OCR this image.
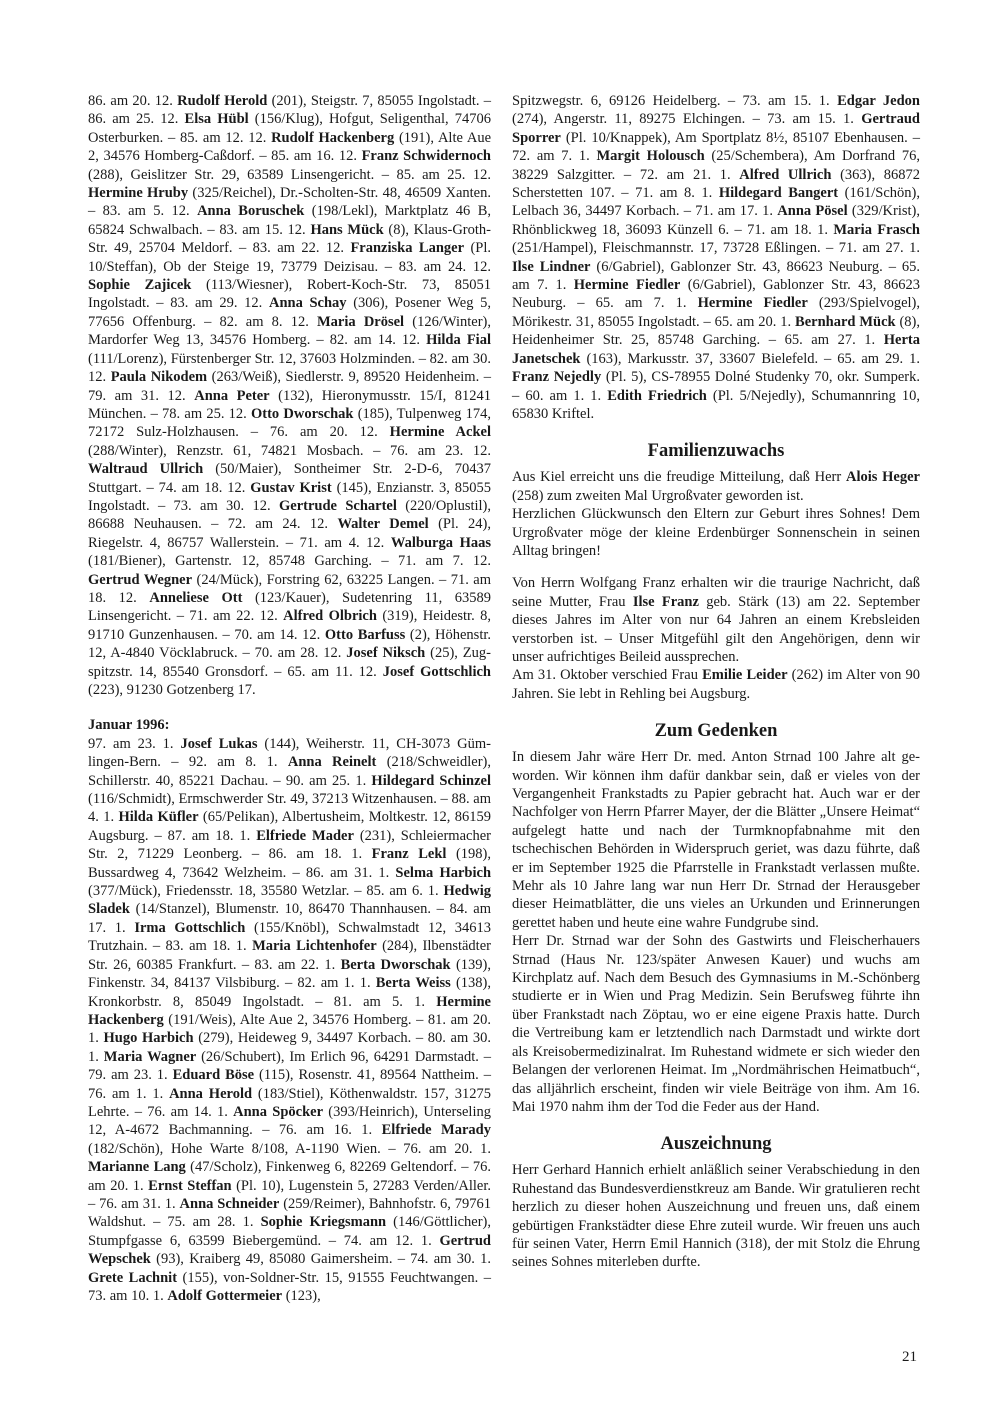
86. am 20. 12. Rudolf Herold (201), Steigstr. 7, 85055 Ingolstadt. – 86. am 25. 12. Elsa Hübl (156/Klug), Hofgut, Seligenthal, 74706 Osterburken. – 85. am 12. 12. Rudolf Hackenberg (191), Alte Aue 2, 34576 Homberg-Caßdorf. – 85. am 16. 12. Franz Schwidernoch (288), Geislitzer Str. 29, 63589 Linsengericht. – 85. am 25. 12. Hermine Hruby (325/Reichel), Dr.-Scholten-Str. 48, 46509 Xanten. – 83. am 5. 12. Anna Boruschek (198/Lekl), Marktplatz 46 B, 65824 Schwalbach. – 83. am 15. 12. Hans Mück (8), Klaus-Groth-Str. 49, 25704 Meldorf. – 83. am 22. 12. Franziska Langer (Pl. 10/Steffan), Ob der Steige 19, 73779 Deizisau. – 83. am 24. 12. Sophie Zajicek (113/Wiesner), Robert-Koch-Str. 73, 85051 Ingolstadt. – 83. am 29. 12. Anna Schay (306), Posener Weg 5, 77656 Offenburg. – 82. am 8. 12. Maria Drösel (126/Winter), Mardorfer Weg 13, 34576 Homberg. – 82. am 14. 12. Hilda Fial (111/Lorenz), Fürstenberger Str. 12, 37603 Holzminden. – 82. am 30. 12. Paula Nikodem (263/Weiß), Siedlerstr. 9, 89520 Heidenheim. – 79. am 31. 12. Anna Peter (132), Hieronymusstr. 15/I, 81241 München. – 78. am 25. 12. Otto Dworschak (185), Tulpenweg 174, 72172 Sulz-Holzhausen. – 76. am 20. 12. Hermine Ackel (288/Winter), Renzstr. 61, 74821 Mosbach. – 76. am 23. 12. Waltraud Ullrich (50/Maier), Sontheimer Str. 2-D-6, 70437 Stuttgart. – 74. am 18. 12. Gustav Krist (145), Enzianstr. 3, 85055 Ingolstadt. – 73. am 30. 12. Gertrude Schartel (220/Oplustil), 86688 Neuhausen. – 72. am 24. 12. Walter Demel (Pl. 24), Riegelstr. 4, 86757 Wallerstein. – 71. am 4. 12. Walburga Haas (181/Biener), Gartenstr. 12, 85748 Garching. – 71. am 7. 12. Gertrud Wegner (24/Mück), Forstring 62, 63225 Langen. – 71. am 18. 12. Anneliese Ott (123/Kauer), Sudetenring 11, 63589 Linsengericht. – 71. am 22. 12. Alfred Olbrich (319), Heidestr. 8, 91710 Gunzenhausen. – 70. am 14. 12. Otto Barfuss (2), Höhenstr. 12, A-4840 Vöcklabruck. – 70. am 28. 12. Josef Niksch (25), Zugspitzstr. 14, 85540 Gronsdorf. – 65. am 11. 12. Josef Gottschlich (223), 91230 Gotzenberg 17.

Januar 1996:

97. am 23. 1. Josef Lukas (144), Weiherstr. 11, CH-3073 Gümlingen-Bern. – 92. am 8. 1. Anna Reinelt (218/Schweidler), Schillerstr. 40, 85221 Dachau. – 90. am 25. 1. Hildegard Schinzel (116/Schmidt), Ermschwerder Str. 49, 37213 Witzenhausen. – 88. am 4. 1. Hilda Küfler (65/Pelikan), Albertusheim, Moltkestr. 12, 86159 Augsburg. – 87. am 18. 1. Elfriede Mader (231), Schleiermacher Str. 2, 71229 Leonberg. – 86. am 18. 1. Franz Lekl (198), Bussardweg 4, 73642 Welzheim. – 86. am 31. 1. Selma Harbich (377/Mück), Friedensstr. 18, 35580 Wetzlar. – 85. am 6. 1. Hedwig Sladek (14/Stanzel), Blumenstr. 10, 86470 Thannhausen. – 84. am 17. 1. Irma Gottschlich (155/Knöbl), Schwalmstadt 12, 34613 Trutzhain. – 83. am 18. 1. Maria Lichtenhofer (284), Ilbenstädter Str. 26, 60385 Frankfurt. – 83. am 22. 1. Berta Dworschak (139), Finkenstr. 34, 84137 Vilsbiburg. – 82. am 1. 1. Berta Weiss (138), Kronkorbstr. 8, 85049 Ingolstadt. – 81. am 5. 1. Hermine Hackenberg (191/Weis), Alte Aue 2, 34576 Homberg. – 81. am 20. 1. Hugo Harbich (279), Heideweg 9, 34497 Korbach. – 80. am 30. 1. Maria Wagner (26/Schubert), Im Erlich 96, 64291 Darmstadt. – 79. am 23. 1. Eduard Böse (115), Rosenstr. 41, 89564 Nattheim. – 76. am 1. 1. Anna Herold (183/Stiel), Köthenwaldstr. 157, 31275 Lehrte. – 76. am 14. 1. Anna Spöcker (393/Heinrich), Unterseling 12, A-4672 Bachmanning. – 76. am 16. 1. Elfriede Marady (182/Schön), Hohe Warte 8/108, A-1190 Wien. – 76. am 20. 1. Marianne Lang (47/Scholz), Finkenweg 6, 82269 Geltendorf. – 76. am 20. 1. Ernst Steffan (Pl. 10), Lugenstein 5, 27283 Verden/Aller. – 76. am 31. 1. Anna Schneider (259/Reimer), Bahnhofstr. 6, 79761 Waldshut. – 75. am 28. 1. Sophie Kriegsmann (146/Göttlicher), Stumpfgasse 6, 63599 Biebergemünd. – 74. am 12. 1. Gertrud Wepschek (93), Kraiberg 49, 85080 Gaimersheim. – 74. am 30. 1. Grete Lachnit (155), von-Soldner-Str. 15, 91555 Feuchtwangen. – 73. am 10. 1. Adolf Gottermeier (123),

Spitzwegstr. 6, 69126 Heidelberg. – 73. am 15. 1. Edgar Jedon (274), Angerstr. 11, 89275 Elchingen. – 73. am 15. 1. Gertraud Sporrer (Pl. 10/Knappek), Am Sportplatz 8½, 85107 Ebenhausen. – 72. am 7. 1. Margit Holousch (25/Schembera), Am Dorfrand 76, 38229 Salzgitter. – 72. am 21. 1. Alfred Ullrich (363), 86872 Scherstetten 107. – 71. am 8. 1. Hildegard Bangert (161/Schön), Lelbach 36, 34497 Korbach. – 71. am 17. 1. Anna Pösel (329/Krist), Rhönblickweg 18, 36093 Künzell 6. – 71. am 18. 1. Maria Frasch (251/Hampel), Fleischmannstr. 17, 73728 Eßlingen. – 71. am 27. 1. Ilse Lindner (6/Gabriel), Gablonzer Str. 43, 86623 Neuburg. – 65. am 7. 1. Hermine Fiedler (6/Gabriel), Gablonzer Str. 43, 86623 Neuburg. – 65. am 7. 1. Hermine Fiedler (293/Spielvogel), Mörikestr. 31, 85055 Ingolstadt. – 65. am 20. 1. Bernhard Mück (8), Heidenheimer Str. 25, 85748 Garching. – 65. am 27. 1. Herta Janetschek (163), Markusstr. 37, 33607 Bielefeld. – 65. am 29. 1. Franz Nejedly (Pl. 5), CS-78955 Dolné Studenky 70, okr. Sumperk. – 60. am 1. 1. Edith Friedrich (Pl. 5/Nejedly), Schumannring 10, 65830 Kriftel.

Familienzuwachs

Aus Kiel erreicht uns die freudige Mitteilung, daß Herr Alois Heger (258) zum zweiten Mal Urgroßvater geworden ist.

Herzlichen Glückwunsch den Eltern zur Geburt ihres Sohnes! Dem Urgroßvater möge der kleine Erdenbürger Sonnenschein in seinen Alltag bringen!

Von Herrn Wolfgang Franz erhalten wir die traurige Nachricht, daß seine Mutter, Frau Ilse Franz geb. Stärk (13) am 22. September dieses Jahres im Alter von nur 64 Jahren an einem Krebsleiden verstorben ist. – Unser Mitgefühl gilt den Angehörigen, denn wir unser aufrichtiges Beileid aussprechen.

Am 31. Oktober verschied Frau Emilie Leider (262) im Alter von 90 Jahren. Sie lebt in Rehling bei Augsburg.

Zum Gedenken

In diesem Jahr wäre Herr Dr. med. Anton Strnad 100 Jahre alt geworden. Wir können ihm dafür dankbar sein, daß er vieles von der Vergangenheit Frankstadts zu Papier gebracht hat. Auch war er der Nachfolger von Herrn Pfarrer Mayer, der die Blätter „Unsere Heimat“ aufgelegt hatte und nach der Turmknopfabnahme mit den tschechischen Behörden in Widerspruch geriet, was dazu führte, daß er im September 1925 die Pfarrstelle in Frankstadt verlassen mußte. Mehr als 10 Jahre lang war nun Herr Dr. Strnad der Herausgeber dieser Heimatblätter, die uns vieles an Urkunden und Erinnerungen gerettet haben und heute eine wahre Fundgrube sind.

Herr Dr. Strnad war der Sohn des Gastwirts und Fleischerhauers Strnad (Haus Nr. 123/später Anwesen Kauer) und wuchs am Kirchplatz auf. Nach dem Besuch des Gymnasiums in M.-Schönberg studierte er in Wien und Prag Medizin. Sein Berufsweg führte ihn über Frankstadt nach Zöptau, wo er eine eigene Praxis hatte. Durch die Vertreibung kam er letztendlich nach Darmstadt und wirkte dort als Kreisobermedizinalrat. Im Ruhestand widmete er sich wieder den Belangen der verlorenen Heimat. Im „Nordmährischen Heimatbuch“, das alljährlich erscheint, finden wir viele Beiträge von ihm. Am 16. Mai 1970 nahm ihm der Tod die Feder aus der Hand.

Auszeichnung

Herr Gerhard Hannich erhielt anläßlich seiner Verabschiedung in den Ruhestand das Bundesverdienstkreuz am Bande. Wir gratulieren recht herzlich zu dieser hohen Auszeichnung und freuen uns, daß einem gebürtigen Frankstädter diese Ehre zuteil wurde. Wir freuen uns auch für seinen Vater, Herrn Emil Hannich (318), der mit Stolz die Ehrung seines Sohnes miterleben durfte.

21
